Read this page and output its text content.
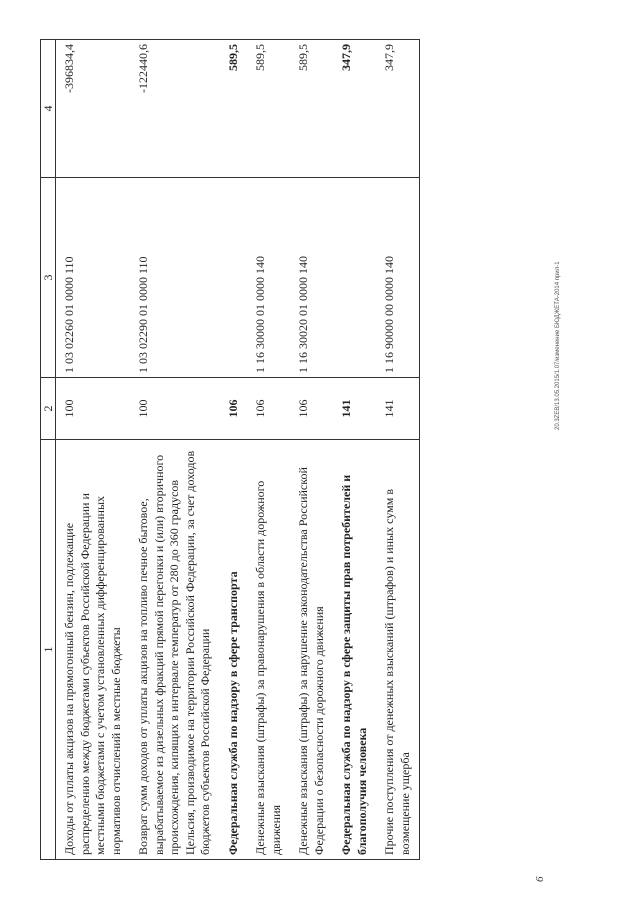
1	2	3	4
Доходы от уплаты акцизов на прямогонный бензин, подлежащие распределению между бюджетами субъектов Российской Федерации и местными бюджетами с учетом установленных дифференцированных нормативов отчислений в местные бюджеты	100	1 03 02260 01 0000 110	-396834,4
Возврат сумм доходов от уплаты акцизов на топливо печное бытовое, вырабатываемое из дизельных фракций прямой перегонки и (или) вторичного происхождения, кипящих в интервале температур от 280 до 360 градусов Цельсия, производимое на территории Российской Федерации, за счет доходов бюджетов субъектов Российской Федерации	100	1 03 02290 01 0000 110	-122440,6
Федеральная служба по надзору в сфере транспорта	106		589,5
Денежные взыскания (штрафы) за правонарушения в области дорожного движения	106	1 16 30000 01 0000 140	589,5
Денежные взыскания (штрафы) за нарушение законодательства Российской Федерации о безопасности дорожного движения	106	1 16 30020 01 0000 140	589,5
Федеральная служба по надзору в сфере защиты прав потребителей и благополучия человека	141		347,9
Прочие поступления от денежных взысканий (штрафов) и иных сумм в возмещение ущерба	141	1 16 90000 00 0000 140	347,9
20.3ZEB/13.05.2015/1.07/изменение БЮДЖЕТА-2014 прил-1
6
